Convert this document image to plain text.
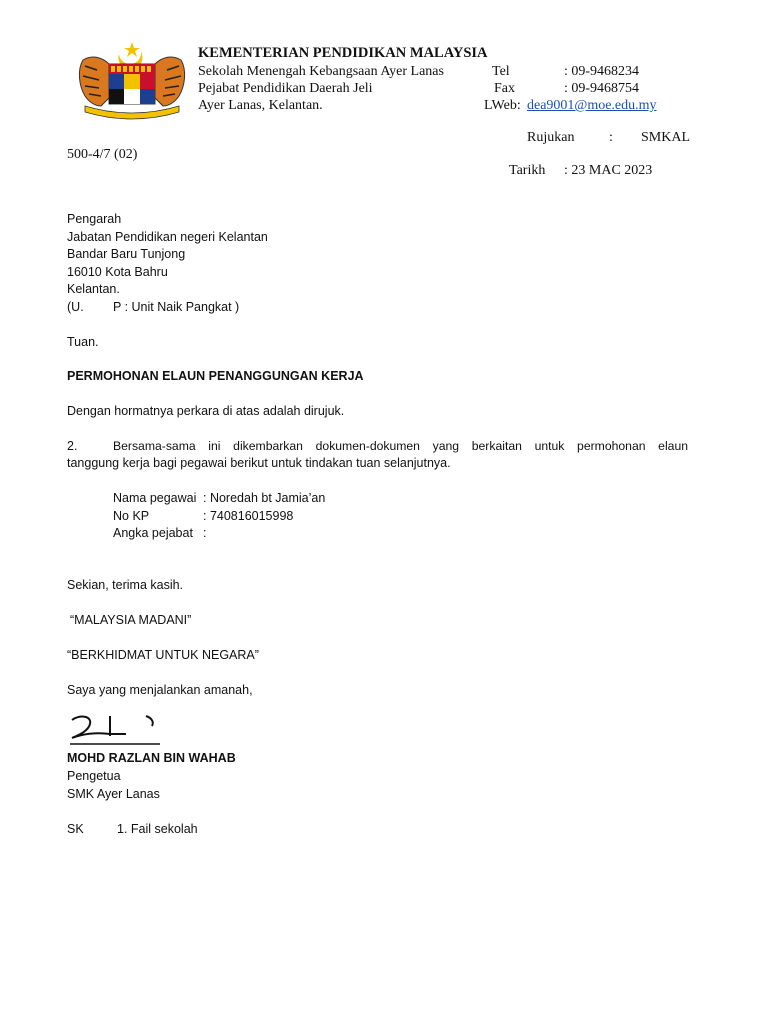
KEMENTERIAN PENDIDIKAN MALAYSIA
Sekolah Menengah Kebangsaan Ayer Lanas
Pejabat Pendidikan Daerah Jeli
Ayer Lanas, Kelantan.
Tel	: 09-9468234
Fax	: 09-9468754
LWeb: dea9001@moe.edu.my
Rujukan : SMKAL
500-4/7 (02)
Tarikh : 23 MAC 2023
Pengarah
Jabatan Pendidikan negeri Kelantan
Bandar Baru Tunjong
16010 Kota Bahru
Kelantan.
(U. P : Unit Naik Pangkat )
Tuan.
PERMOHONAN ELAUN PENANGGUNGAN KERJA
Dengan hormatnya perkara di atas adalah dirujuk.
2.	Bersama-sama ini dikembarkan dokumen-dokumen yang berkaitan untuk permohonan elaun
tanggung kerja bagi pegawai berikut untuk tindakan tuan selanjutnya.
Nama pegawai : Noredah bt Jamia’an
No KP	: 740816015998
Angka pejabat :
Sekian, terima kasih.
“MALAYSIA MADANI”
“BERKHIDMAT UNTUK NEGARA”
Saya yang menjalankan amanah,
MOHD RAZLAN BIN WAHAB
Pengetua
SMK Ayer Lanas
SK	1. Fail sekolah
